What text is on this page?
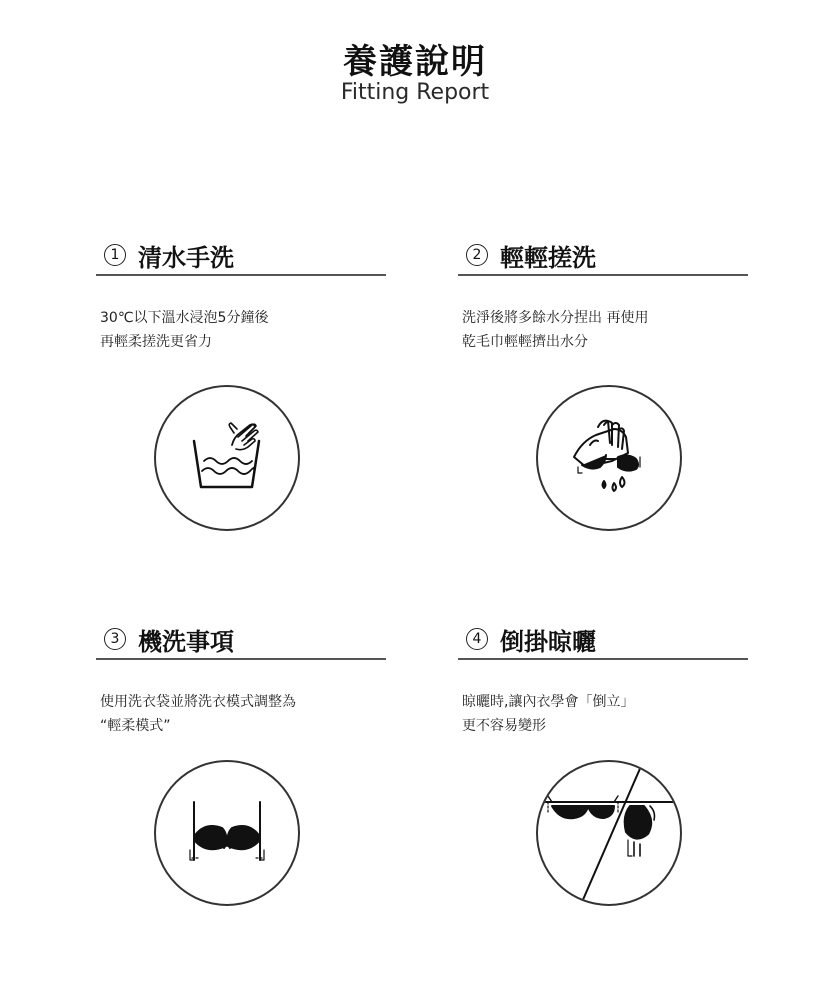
養護說明
Fitting Report
1 清水手洗
30℃以下溫水浸泡5分鐘後
再輕柔搓洗更省力
2 輕輕搓洗
洗淨後將多餘水分捏出 再使用
乾毛巾輕輕擠出水分
3 機洗事項
使用洗衣袋並將洗衣模式調整為
“輕柔模式”
4 倒掛晾曬
晾曬時,讓內衣學會「倒立」
更不容易變形
